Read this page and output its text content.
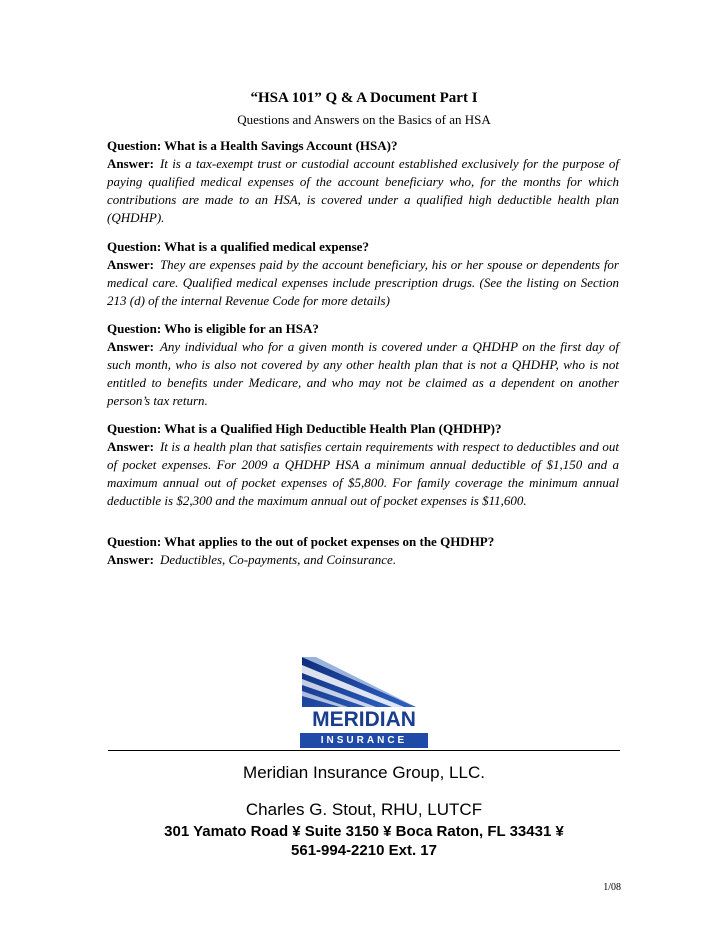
“HSA 101” Q & A Document Part I
Questions and Answers on the Basics of an HSA

Question: What is a Health Savings Account (HSA)?

Answer: It is a tax-exempt trust or custodial account established exclusively for the purpose of paying qualified medical expenses of the account beneficiary who, for the months for which contributions are made to an HSA, is covered under a qualified high deductible health plan (QHDHP).

Question: What is a qualified medical expense?

Answer: They are expenses paid by the account beneficiary, his or her spouse or dependents for medical care. Qualified medical expenses include prescription drugs. (See the listing on Section 213 (d) of the internal Revenue Code for more details)

Question: Who is eligible for an HSA?

Answer: Any individual who for a given month is covered under a QHDHP on the first day of such month, who is also not covered by any other health plan that is not a QHDHP, who is not entitled to benefits under Medicare, and who may not be claimed as a dependent on another person’s tax return.

Question: What is a Qualified High Deductible Health Plan (QHDHP)?

Answer: It is a health plan that satisfies certain requirements with respect to deductibles and out of pocket expenses. For 2009 a QHDHP HSA a minimum annual deductible of $1,150 and a maximum annual out of pocket expenses of $5,800. For family coverage the minimum annual deductible is $2,300 and the maximum annual out of pocket expenses is $11,600.

Question: What applies to the out of pocket expenses on the QHDHP?

Answer: Deductibles, Co-payments, and Coinsurance.

MERIDIAN
INSURANCE
Meridian Insurance Group, LLC.
Charles G. Stout, RHU, LUTCF
301 Yamato Road ¥ Suite 3150 ¥ Boca Raton, FL 33431 ¥
561-994-2210 Ext. 17
1/08
